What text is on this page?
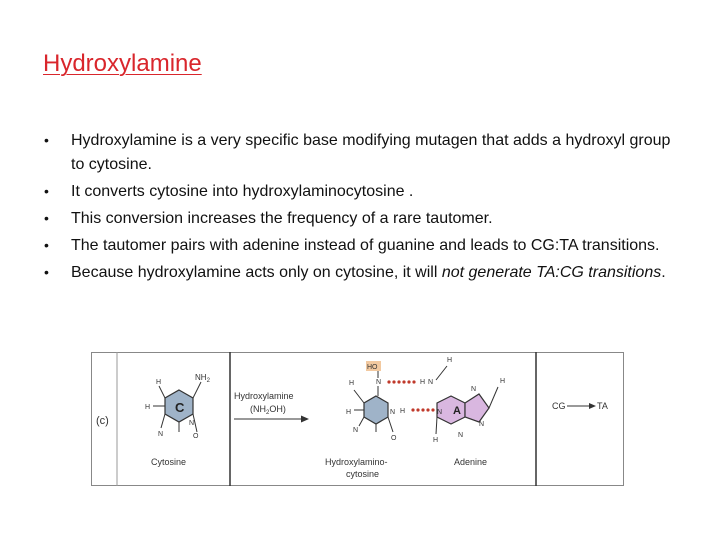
Hydroxylamine
• Hydroxylamine is a very specific base modifying mutagen that adds a hydroxyl group to cytosine.
• It converts cytosine into hydroxylaminocytosine .
• This conversion increases the frequency of a rare tautomer.
• The tautomer pairs with adenine instead of guanine and leads to CG:TA transitions.
• Because hydroxylamine acts only on cytosine, it will not generate TA:CG transitions.
(c)
C
$NH_2$
H
H
N
N	O
Cytosine
Hydroxylamine
$(NH_2OH)$
HO
N
H
H	N
N
O
Hydroxylamino-
cytosine
H
H N
H
A
N
N
H
N
N
H
Adenine
CG	TA
